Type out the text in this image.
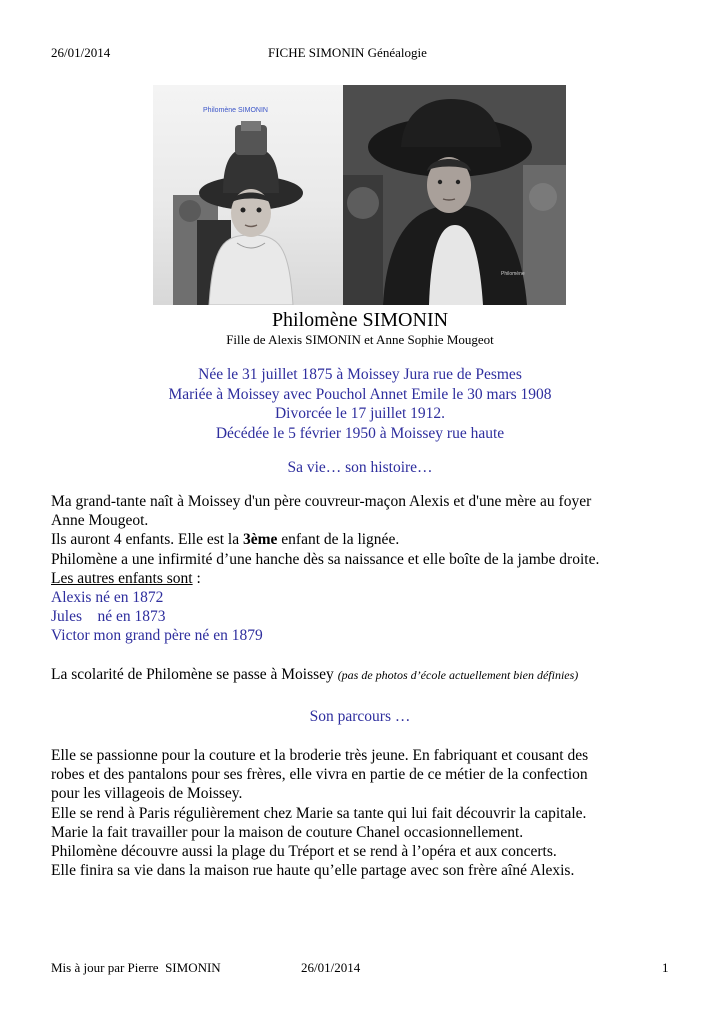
26/01/2014	FICHE SIMONIN Généalogie
Philomène SIMONIN
Philomène
Philomène SIMONIN
Fille de Alexis SIMONIN et Anne Sophie Mougeot
Née le 31 juillet 1875 à Moissey Jura rue de Pesmes
Mariée à Moissey avec Pouchol Annet Emile le 30 mars 1908
Divorcée le 17 juillet 1912.
Décédée le 5 février 1950 à Moissey rue haute
Sa vie… son histoire…
Ma grand-tante naît à Moissey d'un père couvreur-maçon Alexis et d'une mère au foyer
Anne Mougeot.
Ils auront 4 enfants. Elle est la 3ème enfant de la lignée.
Philomène a une infirmité d’une hanche dès sa naissance et elle boîte de la jambe droite.
Les autres enfants sont :
Alexis né en 1872
Jules    né en 1873
Victor mon grand père né en 1879
La scolarité de Philomène se passe à Moissey (pas de photos d’école actuellement bien définies)
Son parcours …
Elle se passionne pour la couture et la broderie très jeune. En fabriquant et cousant des
robes et des pantalons pour ses frères, elle vivra en partie de ce métier de la confection
pour les villageois de Moissey.
Elle se rend à Paris régulièrement chez Marie sa tante qui lui fait découvrir la capitale.
Marie la fait travailler pour la maison de couture Chanel occasionnellement.
Philomène découvre aussi la plage du Tréport et se rend à l’opéra et aux concerts.
Elle finira sa vie dans la maison rue haute qu’elle partage avec son frère aîné Alexis.
Mis à jour par Pierre  SIMONIN	26/01/2014	1
